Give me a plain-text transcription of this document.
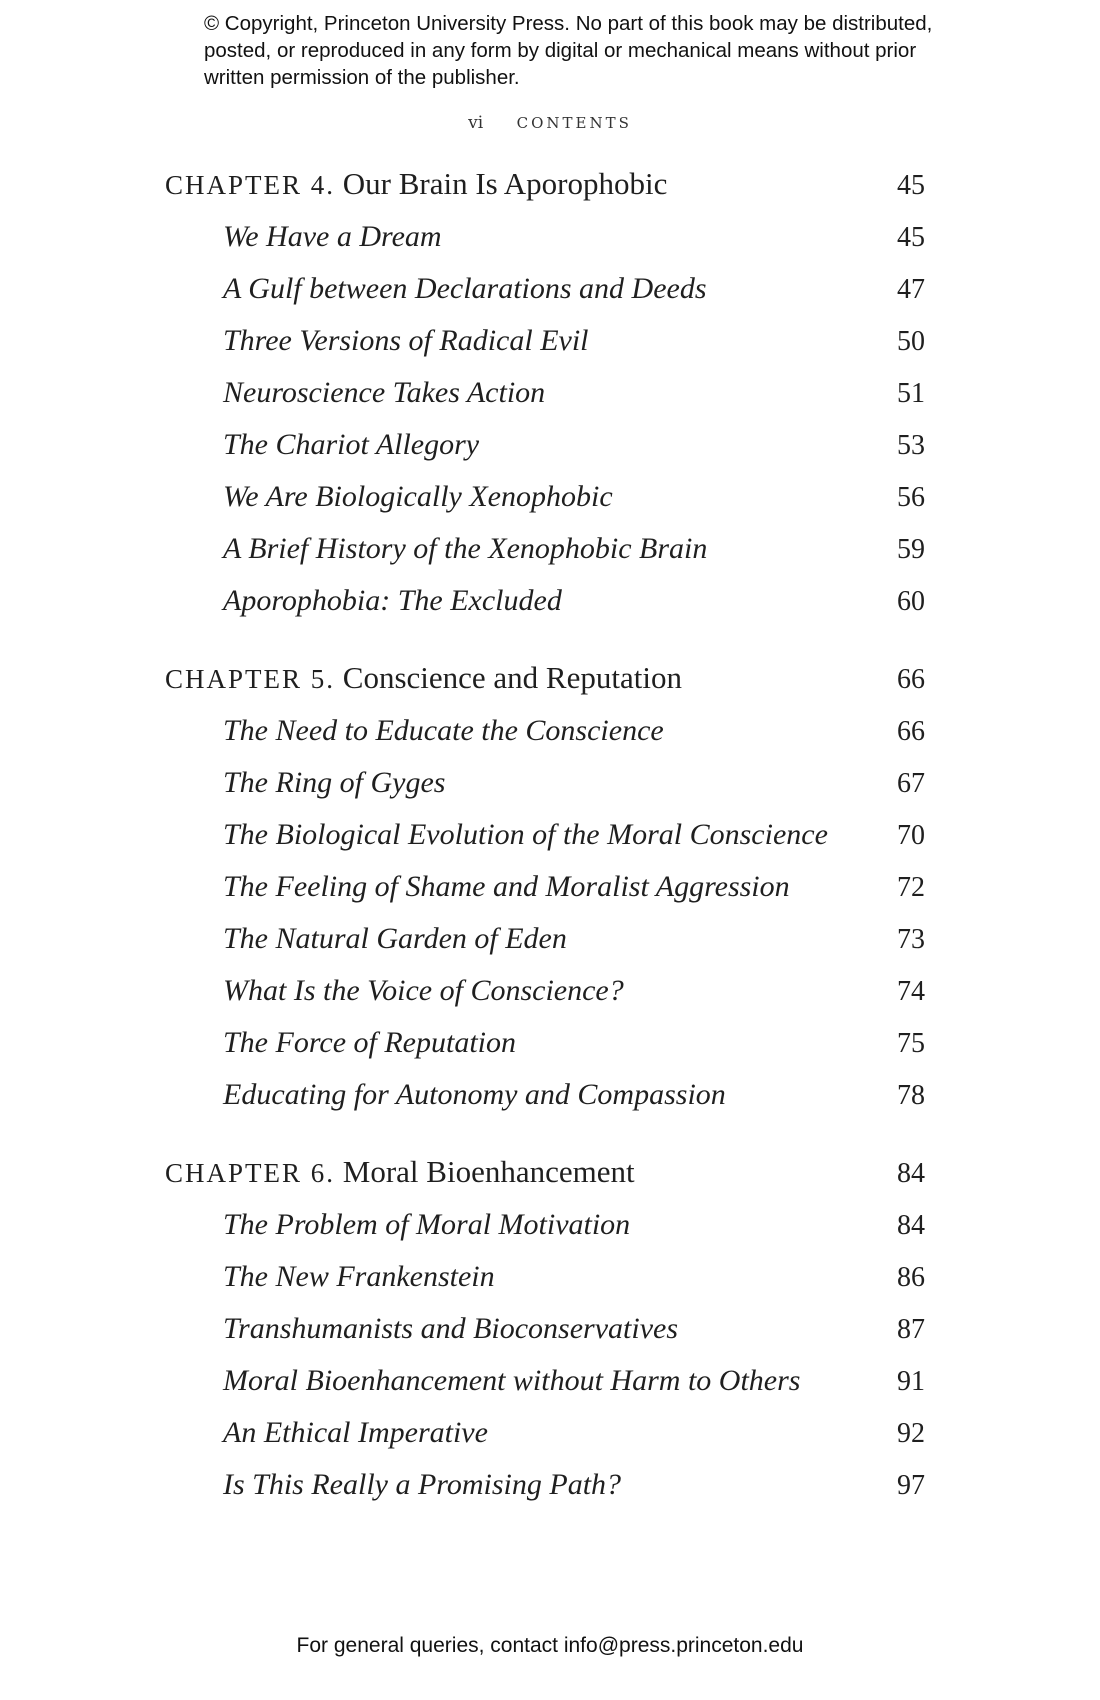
© Copyright, Princeton University Press. No part of this book may be distributed, posted, or reproduced in any form by digital or mechanical means without prior written permission of the publisher.
vi CONTENTS
CHAPTER 4. Our Brain Is Aporophobic	45
We Have a Dream	45
A Gulf between Declarations and Deeds	47
Three Versions of Radical Evil	50
Neuroscience Takes Action	51
The Chariot Allegory	53
We Are Biologically Xenophobic	56
A Brief History of the Xenophobic Brain	59
Aporophobia: The Excluded	60
CHAPTER 5. Conscience and Reputation	66
The Need to Educate the Conscience	66
The Ring of Gyges	67
The Biological Evolution of the Moral Conscience 70
The Feeling of Shame and Moralist Aggression	72
The Natural Garden of Eden	73
What Is the Voice of Conscience?	74
The Force of Reputation	75
Educating for Autonomy and Compassion	78
CHAPTER 6. Moral Bioenhancement	84
The Problem of Moral Motivation	84
The New Frankenstein	86
Transhumanists and Bioconservatives	87
Moral Bioenhancement without Harm to Others	91
An Ethical Imperative	92
Is This Really a Promising Path?	97
For general queries, contact info@press.princeton.edu
